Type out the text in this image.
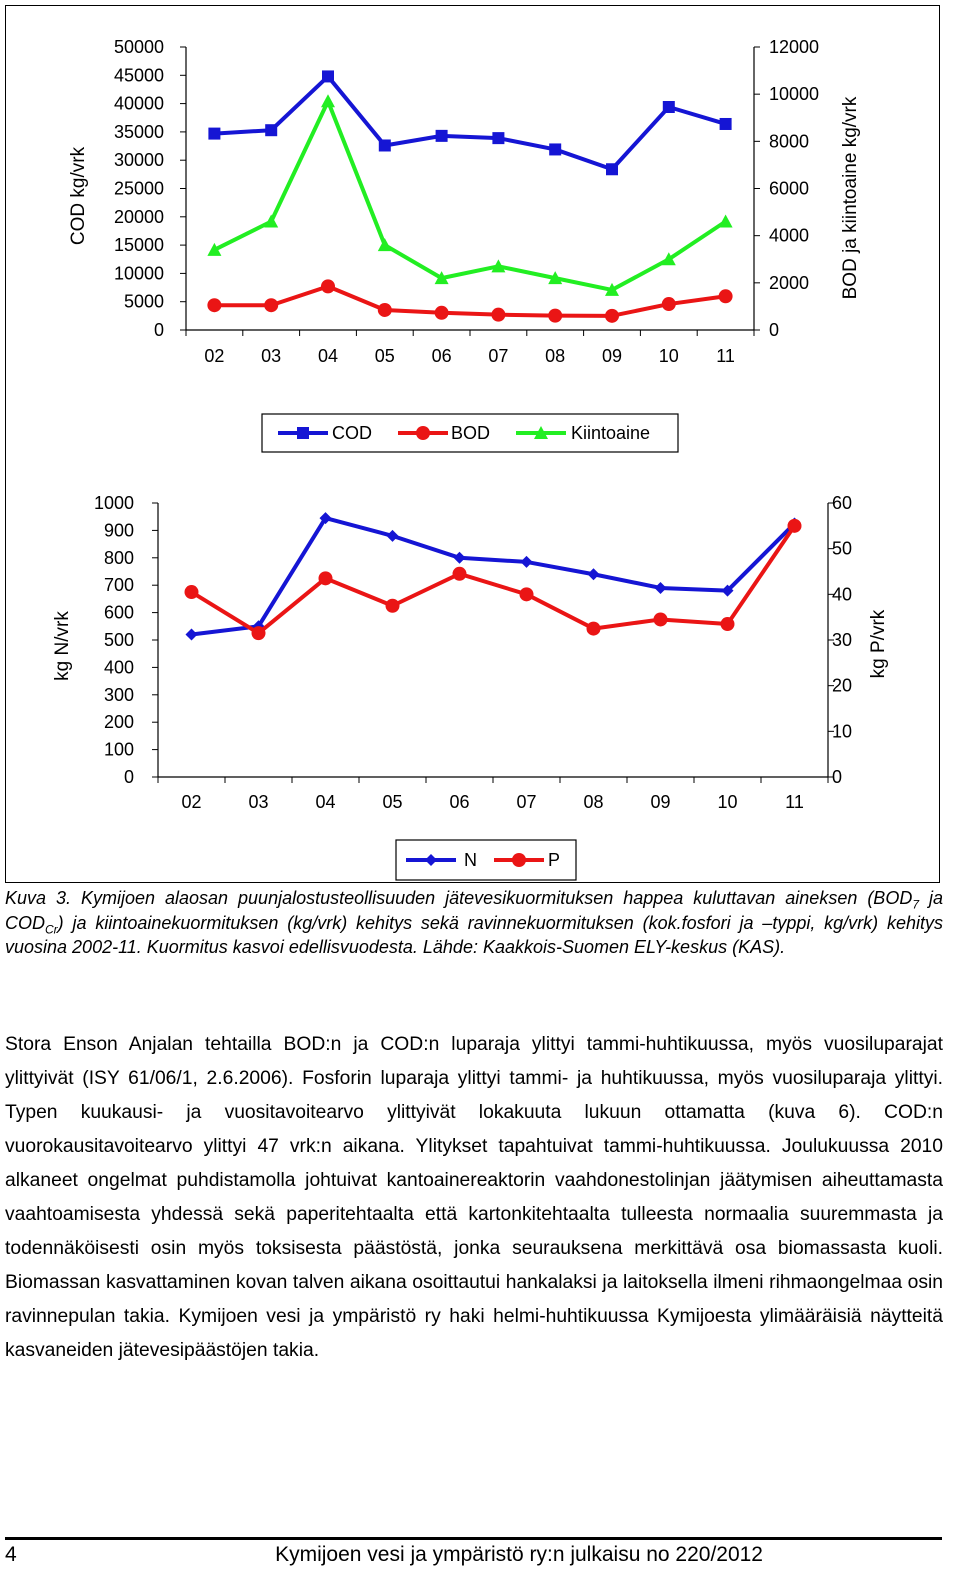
0
5000
10000
15000
20000
25000
30000
35000
40000
45000
50000
0
2000
4000
6000
8000
10000
12000
02 03 04 05 06 07 08 09 10 11
COD kg/vrk	BOD ja kiintoaine kg/vrk
COD	BOD	Kiintoaine
0
100
200
300
400
500
600
700
800
900
1000
0
10
20
30
40
50
60
02	03	04	05	06	07	08	09	10	11
kg N/vrk	kg P/vrk
N	P

Kuva 3. Kymijoen alaosan puunjalostusteollisuuden jätevesikuormituksen happea kuluttavan aineksen ($BOD_7$ ja $COD_{Cr}$) ja kiintoainekuormituksen (kg/vrk) kehitys sekä ravinnekuormituksen (kok.fosfori ja –typpi, kg/vrk) kehitys vuosina 2002-11. Kuormitus kasvoi edellisvuodesta. Lähde: Kaakkois-Suomen ELY-keskus (KAS).

Stora Enson Anjalan tehtailla BOD:n ja COD:n luparaja ylittyi tammi-huhtikuussa, myös vuosiluparajat ylittyivät (ISY 61/06/1, 2.6.2006). Fosforin luparaja ylittyi tammi- ja huhtikuussa, myös vuosiluparaja ylittyi. Typen kuukausi- ja vuositavoitearvo ylittyivät lokakuuta lukuun ottamatta (kuva 6). COD:n vuorokausitavoitearvo ylittyi 47 vrk:n aikana. Ylitykset tapahtuivat tammi-huhtikuussa. Joulukuussa 2010 alkaneet ongelmat puhdistamolla johtuivat kantoainereaktorin vaahdonestolinjan jäätymisen aiheuttamasta vaahtoamisesta yhdessä sekä paperitehtaalta että kartonkitehtaalta tulleesta normaalia suuremmasta ja todennäköisesti osin myös toksisesta päästöstä, jonka seurauksena merkittävä osa biomassasta kuoli. Biomassan kasvattaminen kovan talven aikana osoittautui hankalaksi ja laitoksella ilmeni rihmaongelmaa osin ravinnepulan takia. Kymijoen vesi ja ympäristö ry haki helmi-huhtikuussa Kymijoesta ylimääräisiä näytteitä kasvaneiden jätevesipäästöjen takia.

4	Kymijoen vesi ja ympäristö ry:n julkaisu no 220/2012
